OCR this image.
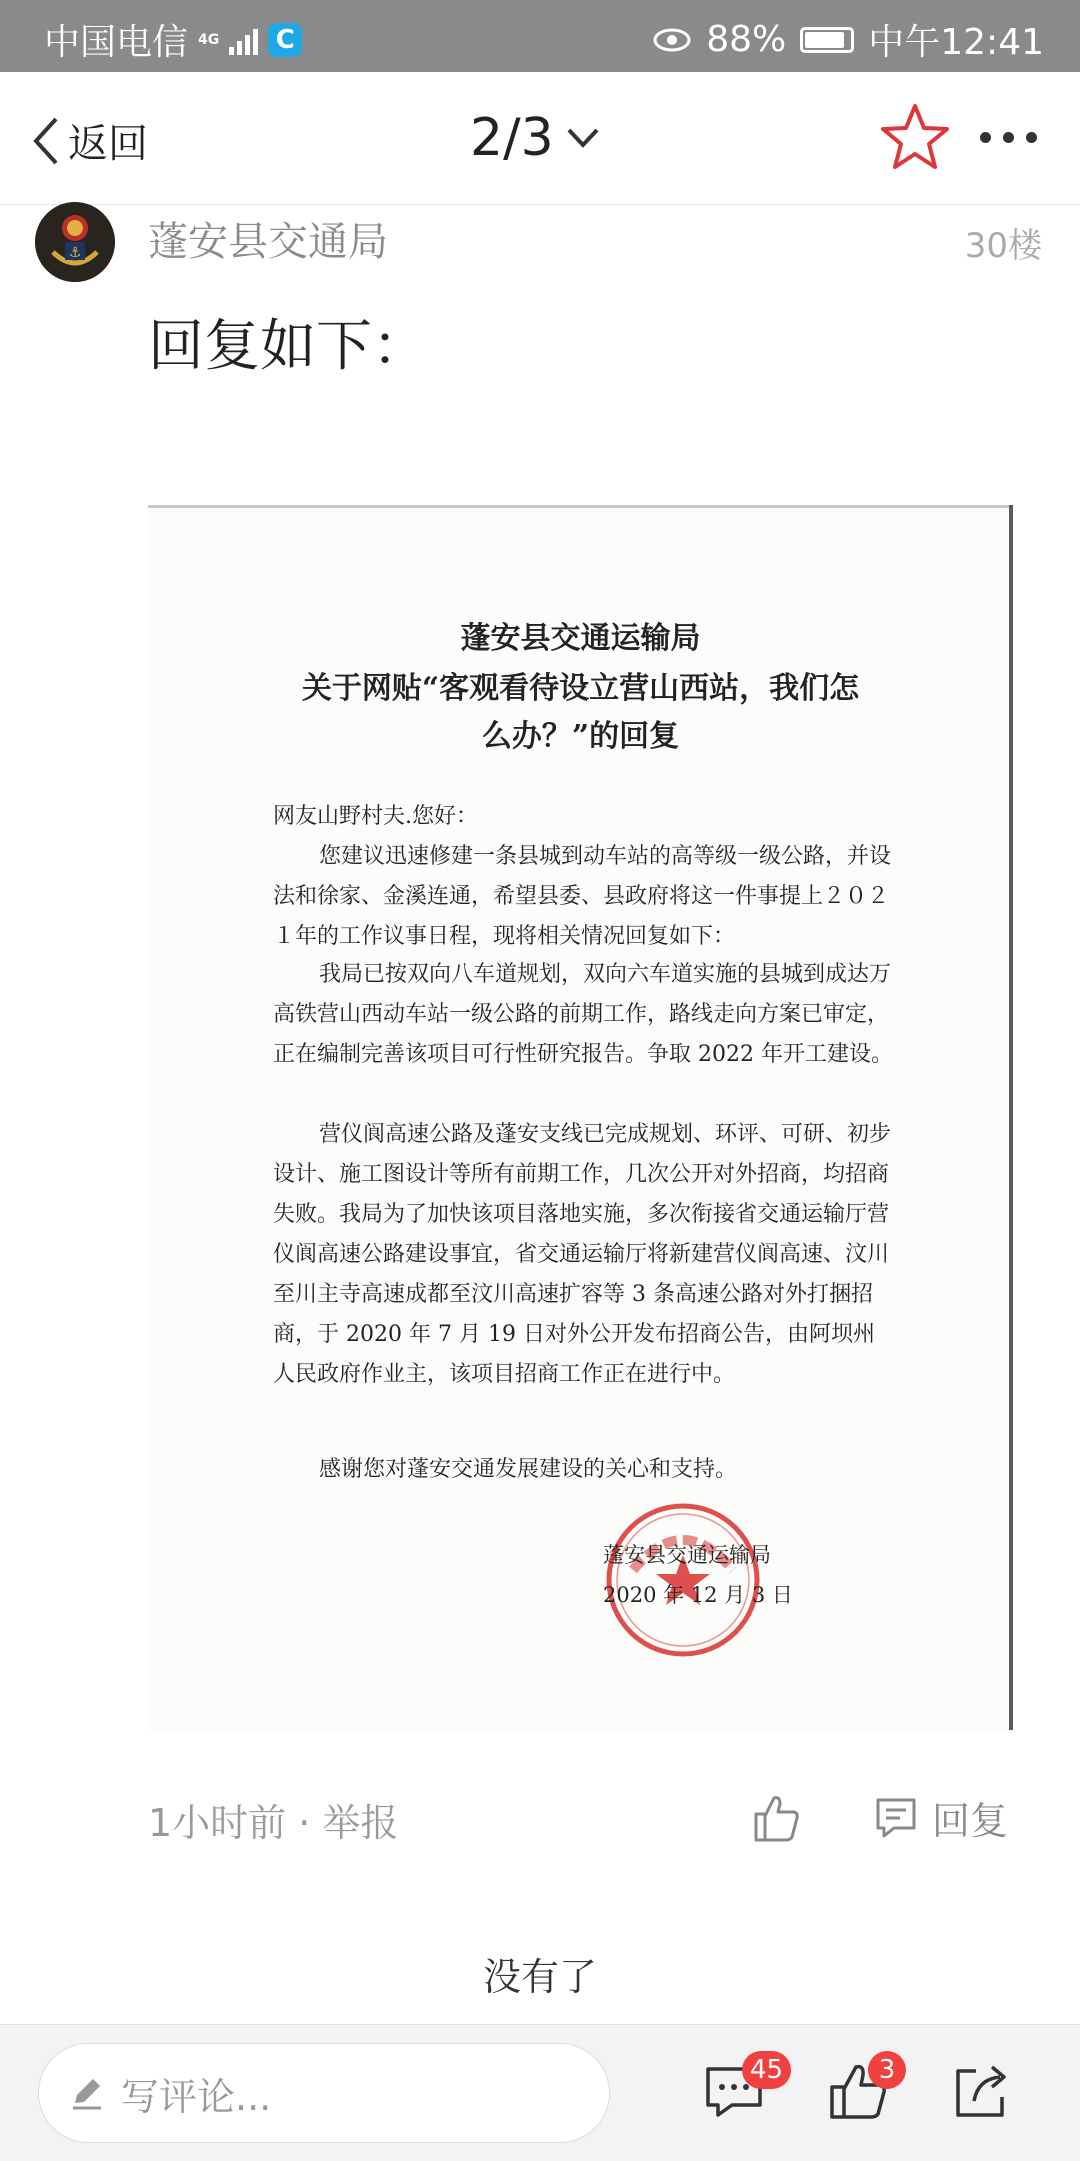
中国电信 4G C	88% 中午12:41
返回	2/3
⚓ 蓬安县交通局	30楼
回复如下：
蓬安县交通运输局
关于网贴“客观看待设立营山西站，我们怎
么办？”的回复
网友山野村夫.您好：
您建议迅速修建一条县城到动车站的高等级一级公路，并设法和徐家、金溪连通，希望县委、县政府将这一件事提上２０２１年的工作议事日程，现将相关情况回复如下：
我局已按双向八车道规划，双向六车道实施的县城到成达万高铁营山西动车站一级公路的前期工作，路线走向方案已审定，正在编制完善该项目可行性研究报告。争取 2022 年开工建设。
营仪阆高速公路及蓬安支线已完成规划、环评、可研、初步设计、施工图设计等所有前期工作，几次公开对外招商，均招商失败。我局为了加快该项目落地实施，多次衔接省交通运输厅营仪阆高速公路建设事宜，省交通运输厅将新建营仪阆高速、汶川至川主寺高速成都至汶川高速扩容等 3 条高速公路对外打捆招商，于 2020 年 7 月 19 日对外公开发布招商公告，由阿坝州人民政府作业主，该项目招商工作正在进行中。
感谢您对蓬安交通发展建设的关心和支持。
蓬安县交通运输局
2020 年 12 月 3 日
1小时前 · 举报	回复
没有了
写评论...
45	3
